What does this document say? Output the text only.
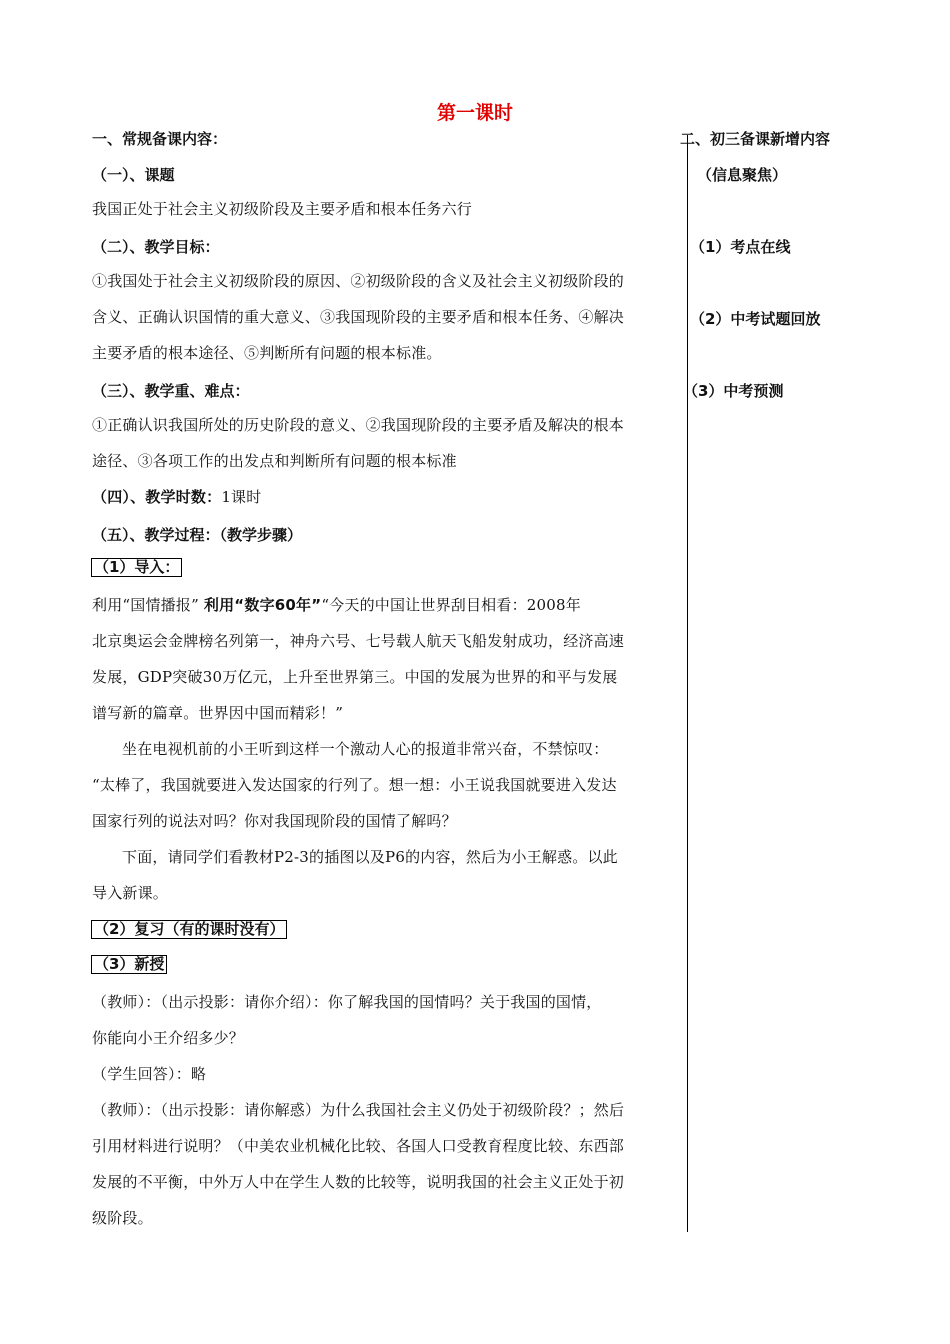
第一课时
一、常规备课内容：
（一）、课题
我国正处于社会主义初级阶段及主要矛盾和根本任务六行
（二）、教学目标：
①我国处于社会主义初级阶段的原因、②初级阶段的含义及社会主义初级阶段的
含义、正确认识国情的重大意义、③我国现阶段的主要矛盾和根本任务、④解决
主要矛盾的根本途径、⑤判断所有问题的根本标准。
（三）、教学重、难点：
①正确认识我国所处的历史阶段的意义、②我国现阶段的主要矛盾及解决的根本
途径、③各项工作的出发点和判断所有问题的根本标准
（四）、教学时数：1课时
（五）、教学过程：（教学步骤）
（1）导入：
利用“国情播报” 利用“数字60年”“今天的中国让世界刮目相看：2008年
北京奥运会金牌榜名列第一，神舟六号、七号载人航天飞船发射成功，经济高速
发展，GDP突破30万亿元，上升至世界第三。中国的发展为世界的和平与发展
谱写新的篇章。世界因中国而精彩！”
坐在电视机前的小王听到这样一个激动人心的报道非常兴奋，不禁惊叹：
“太棒了，我国就要进入发达国家的行列了。想一想：小王说我国就要进入发达
国家行列的说法对吗？你对我国现阶段的国情了解吗？
下面，请同学们看教材P2-3的插图以及P6的内容，然后为小王解惑。以此
导入新课。
（2）复习（有的课时没有）
（3）新授
（教师）：（出示投影：请你介绍）：你了解我国的国情吗？关于我国的国情，
你能向小王介绍多少？
（学生回答）：略
（教师）：（出示投影：请你解惑）为什么我国社会主义仍处于初级阶段？；然后
引用材料进行说明？（中美农业机械化比较、各国人口受教育程度比较、东西部
发展的不平衡，中外万人中在学生人数的比较等，说明我国的社会主义正处于初
级阶段。
二、初三备课新增内容
（信息聚焦）
（1）考点在线
（2）中考试题回放
（3）中考预测
